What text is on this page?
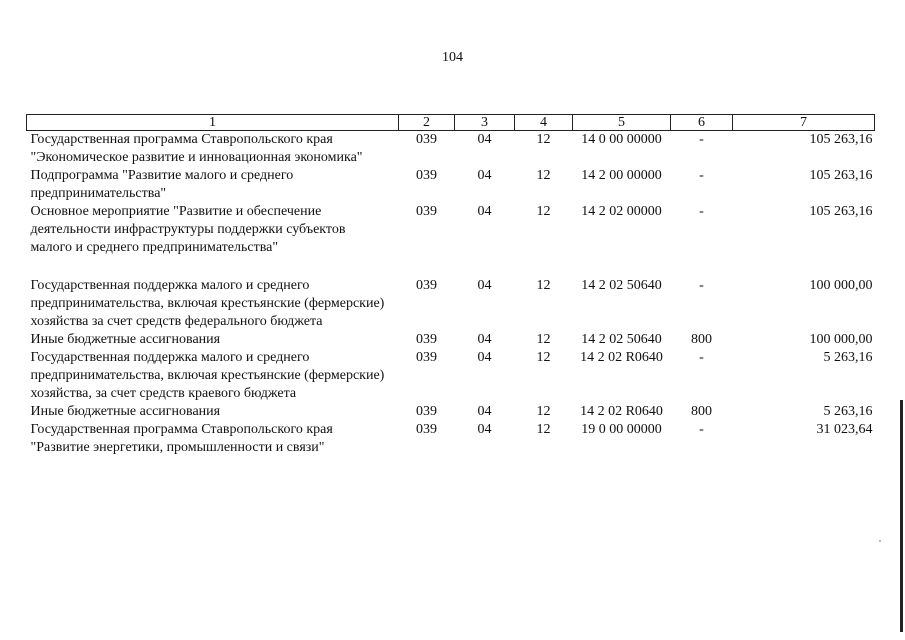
104
1	2	3	4	5	6	7
Государственная программа Ставропольского края "Экономическое развитие и инновационная экономика"	039	04	12	14 0 00 00000	-	105 263,16
Подпрограмма "Развитие малого и среднего предпринимательства"	039	04	12	14 2 00 00000	-	105 263,16
Основное мероприятие "Развитие и обеспечение деятельности инфраструктуры поддержки субъектов малого и среднего предпринимательства"	039	04	12	14 2 02 00000	-	105 263,16
Государственная поддержка малого и среднего предпринимательства, включая крестьянские (фермерские) хозяйства за счет средств федерального бюджета	039	04	12	14 2 02 50640	-	100 000,00
Иные бюджетные ассигнования	039	04	12	14 2 02 50640	800	100 000,00
Государственная поддержка малого и среднего предпринимательства, включая крестьянские (фермерские) хозяйства, за счет средств краевого бюджета	039	04	12	14 2 02 R0640	-	5 263,16
Иные бюджетные ассигнования	039	04	12	14 2 02 R0640	800	5 263,16
Государственная программа Ставропольского края "Развитие энергетики, промышленности и связи"	039	04	12	19 0 00 00000	-	31 023,64
